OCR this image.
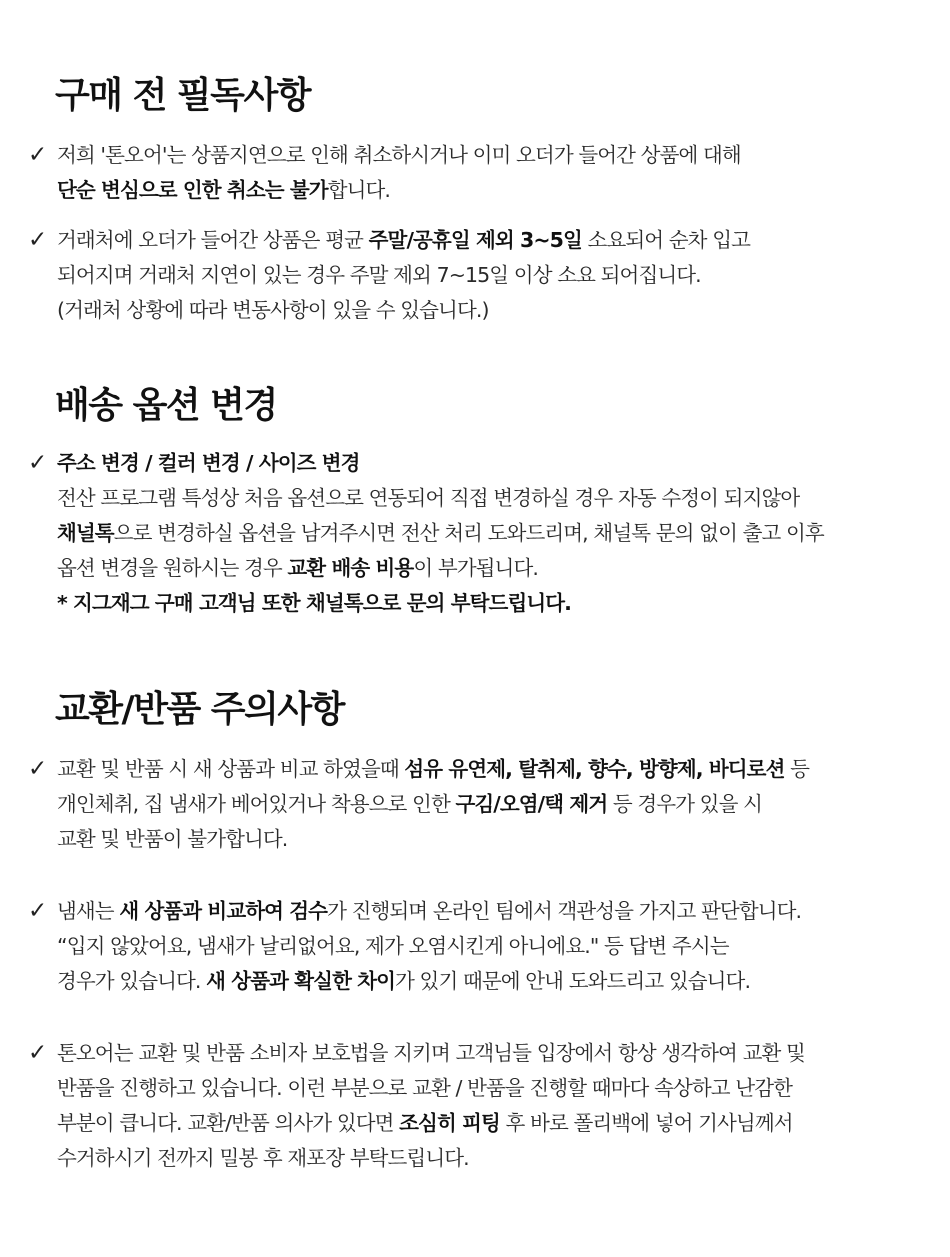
구매 전 필독사항
✓ 저희 '톤오어'는 상품지연으로 인해 취소하시거나 이미 오더가 들어간 상품에 대해
단순 변심으로 인한 취소는 불가합니다.
✓ 거래처에 오더가 들어간 상품은 평균 주말/공휴일 제외 3~5일 소요되어 순차 입고
되어지며 거래처 지연이 있는 경우 주말 제외 7~15일 이상 소요 되어집니다.
(거래처 상황에 따라 변동사항이 있을 수 있습니다.)
배송 옵션 변경
✓ 주소 변경 / 컬러 변경 / 사이즈 변경
전산 프로그램 특성상 처음 옵션으로 연동되어 직접 변경하실 경우 자동 수정이 되지않아
채널톡으로 변경하실 옵션을 남겨주시면 전산 처리 도와드리며, 채널톡 문의 없이 출고 이후
옵션 변경을 원하시는 경우 교환 배송 비용이 부가됩니다.
* 지그재그 구매 고객님 또한 채널톡으로 문의 부탁드립니다.
교환/반품 주의사항
✓ 교환 및 반품 시 새 상품과 비교 하였을때 섬유 유연제, 탈취제, 향수, 방향제, 바디로션 등
개인체취, 집 냄새가 베어있거나 착용으로 인한 구김/오염/택 제거 등 경우가 있을 시
교환 및 반품이 불가합니다.
✓ 냄새는 새 상품과 비교하여 검수가 진행되며 온라인 팀에서 객관성을 가지고 판단합니다.
“입지 않았어요, 냄새가 날리없어요, 제가 오염시킨게 아니에요." 등 답변 주시는
경우가 있습니다. 새 상품과 확실한 차이가 있기 때문에 안내 도와드리고 있습니다.
✓ 톤오어는 교환 및 반품 소비자 보호법을 지키며 고객님들 입장에서 항상 생각하여 교환 및
반품을 진행하고 있습니다. 이런 부분으로 교환 / 반품을 진행할 때마다 속상하고 난감한
부분이 큽니다. 교환/반품 의사가 있다면 조심히 피팅 후 바로 폴리백에 넣어 기사님께서
수거하시기 전까지 밀봉 후 재포장 부탁드립니다.
